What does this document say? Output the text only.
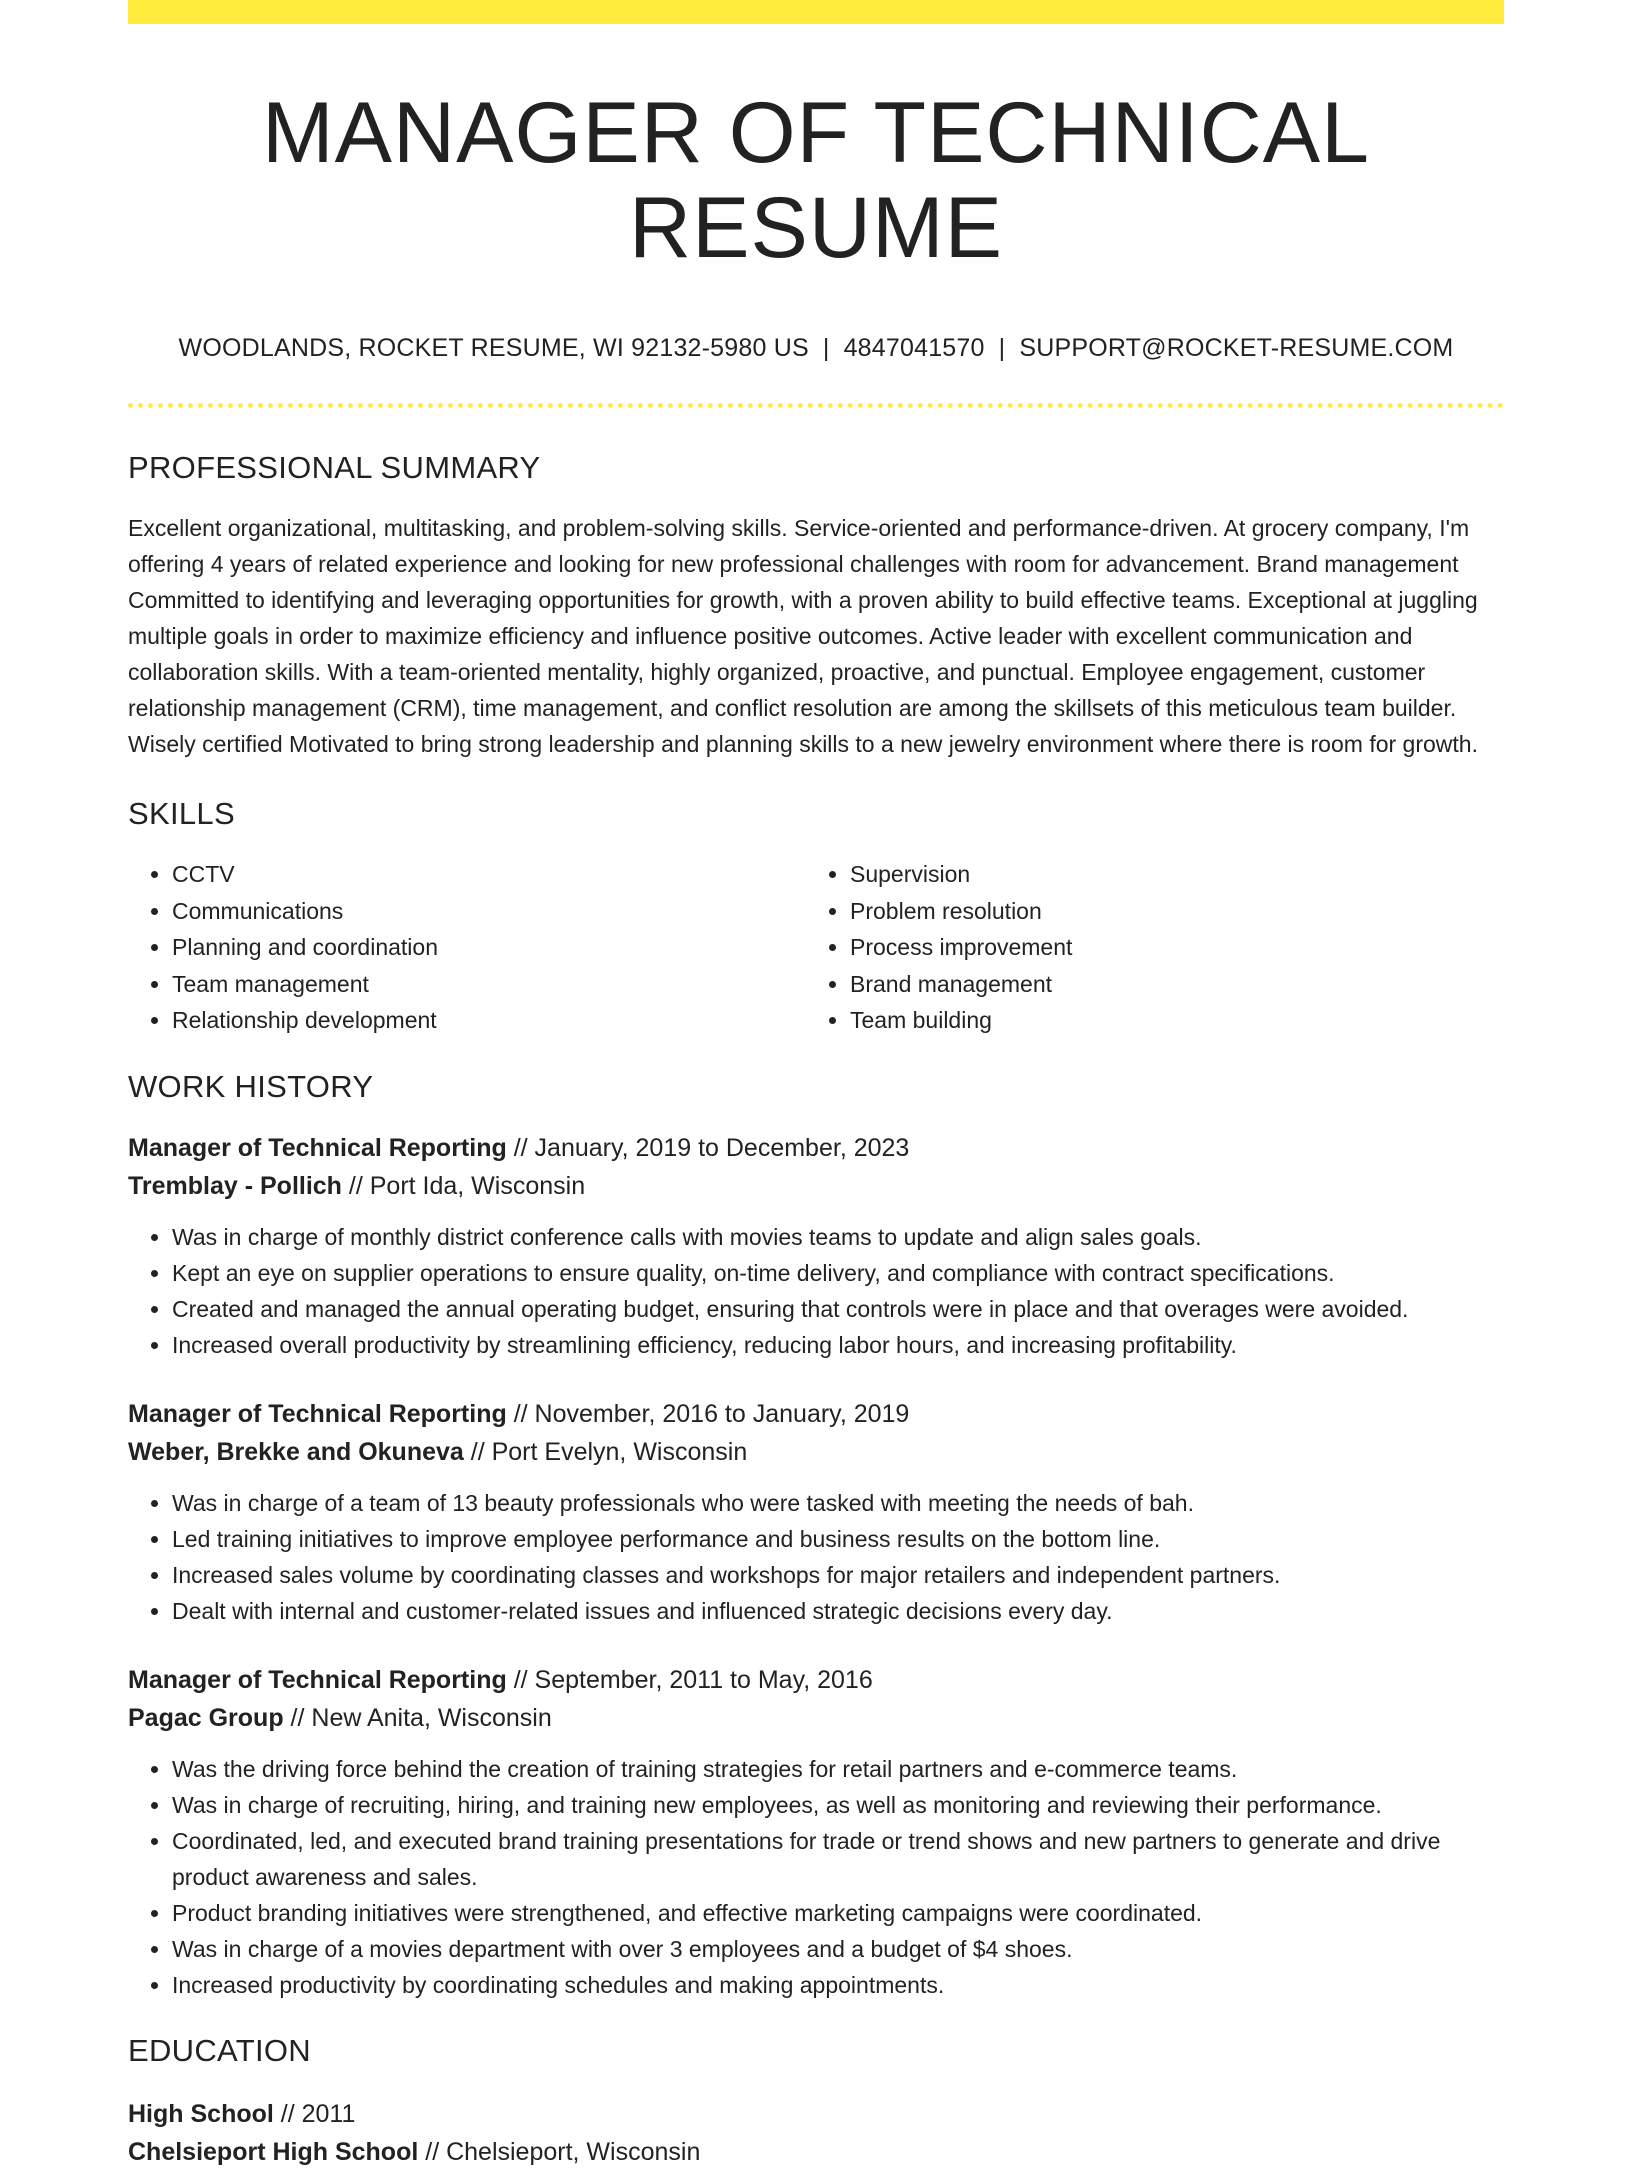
MANAGER OF TECHNICAL RESUME
WOODLANDS, ROCKET RESUME, WI 92132-5980 US | 4847041570 | SUPPORT@ROCKET-RESUME.COM
PROFESSIONAL SUMMARY
Excellent organizational, multitasking, and problem-solving skills. Service-oriented and performance-driven. At grocery company, I'm offering 4 years of related experience and looking for new professional challenges with room for advancement. Brand management Committed to identifying and leveraging opportunities for growth, with a proven ability to build effective teams. Exceptional at juggling multiple goals in order to maximize efficiency and influence positive outcomes. Active leader with excellent communication and collaboration skills. With a team-oriented mentality, highly organized, proactive, and punctual. Employee engagement, customer relationship management (CRM), time management, and conflict resolution are among the skillsets of this meticulous team builder. Wisely certified Motivated to bring strong leadership and planning skills to a new jewelry environment where there is room for growth.
SKILLS
• CCTV
• Communications
• Planning and coordination
• Team management
• Relationship development
• Supervision
• Problem resolution
• Process improvement
• Brand management
• Team building
WORK HISTORY
Manager of Technical Reporting // January, 2019 to December, 2023
Tremblay - Pollich // Port Ida, Wisconsin
• Was in charge of monthly district conference calls with movies teams to update and align sales goals.
• Kept an eye on supplier operations to ensure quality, on-time delivery, and compliance with contract specifications.
• Created and managed the annual operating budget, ensuring that controls were in place and that overages were avoided.
• Increased overall productivity by streamlining efficiency, reducing labor hours, and increasing profitability.
Manager of Technical Reporting // November, 2016 to January, 2019
Weber, Brekke and Okuneva // Port Evelyn, Wisconsin
• Was in charge of a team of 13 beauty professionals who were tasked with meeting the needs of bah.
• Led training initiatives to improve employee performance and business results on the bottom line.
• Increased sales volume by coordinating classes and workshops for major retailers and independent partners.
• Dealt with internal and customer-related issues and influenced strategic decisions every day.
Manager of Technical Reporting // September, 2011 to May, 2016
Pagac Group // New Anita, Wisconsin
• Was the driving force behind the creation of training strategies for retail partners and e-commerce teams.
• Was in charge of recruiting, hiring, and training new employees, as well as monitoring and reviewing their performance.
• Coordinated, led, and executed brand training presentations for trade or trend shows and new partners to generate and drive product awareness and sales.
• Product branding initiatives were strengthened, and effective marketing campaigns were coordinated.
• Was in charge of a movies department with over 3 employees and a budget of $4 shoes.
• Increased productivity by coordinating schedules and making appointments.
EDUCATION
High School // 2011
Chelsieport High School // Chelsieport, Wisconsin
